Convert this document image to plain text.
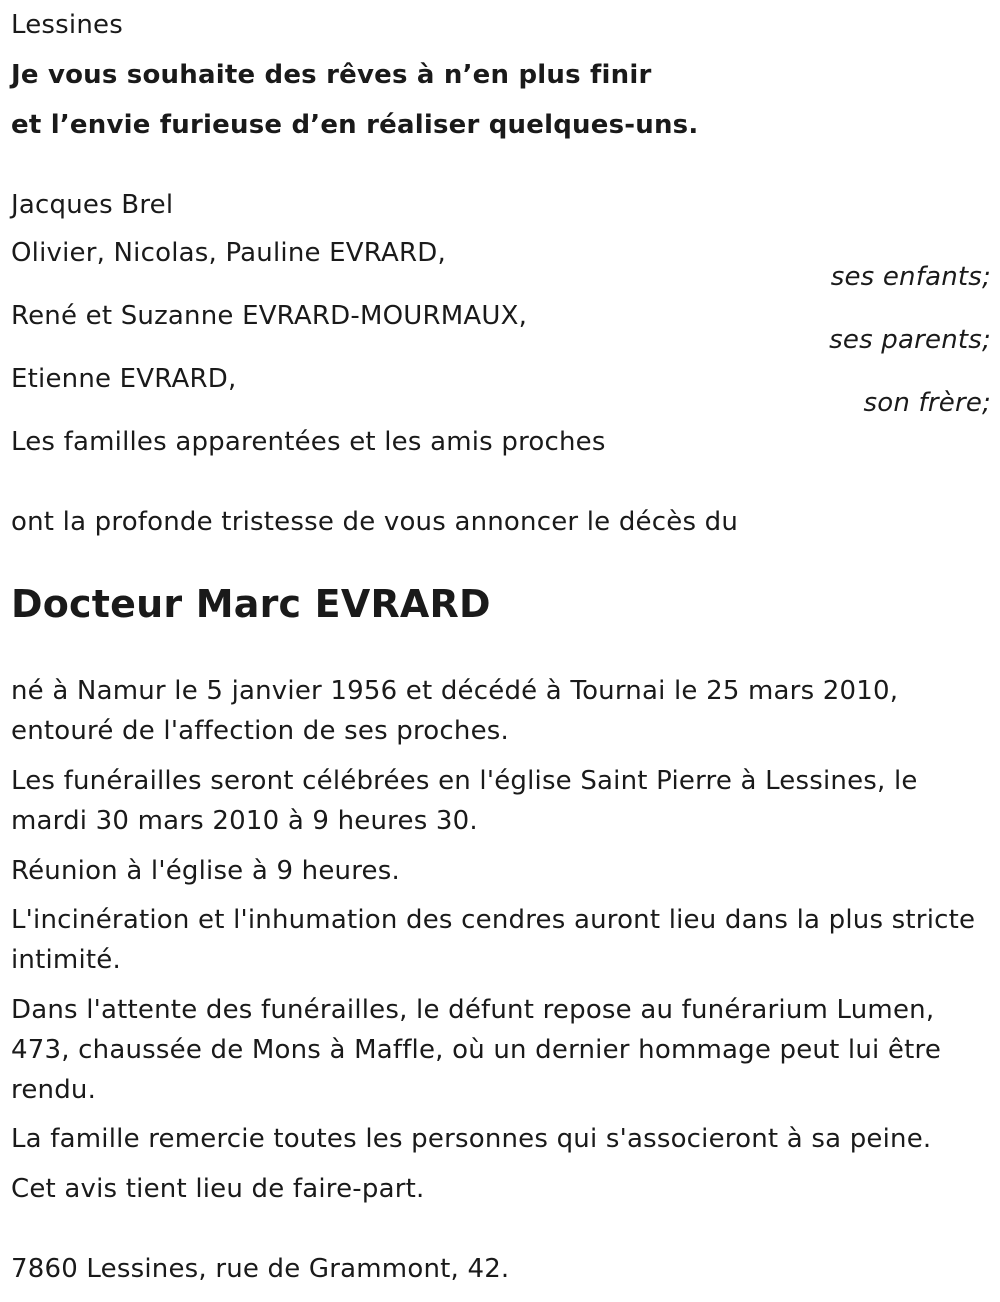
Lessines
Je vous souhaite des rêves à n’en plus finir
et l’envie furieuse d’en réaliser quelques-uns.
Jacques Brel
Olivier, Nicolas, Pauline EVRARD,
ses enfants;
René et Suzanne EVRARD-MOURMAUX,
ses parents;
Etienne EVRARD,
son frère;
Les familles apparentées et les amis proches
ont la profonde tristesse de vous annoncer le décès du
Docteur Marc EVRARD
né à Namur le 5 janvier 1956 et décédé à Tournai le 25 mars 2010, entouré de l'affection de ses proches.
Les funérailles seront célébrées en l'église Saint Pierre à Lessines, le mardi 30 mars 2010 à 9 heures 30.
Réunion à l'église à 9 heures.
L'incinération et l'inhumation des cendres auront lieu dans la plus stricte intimité.
Dans l'attente des funérailles, le défunt repose au funérarium Lumen, 473, chaussée de Mons à Maffle, où un dernier hommage peut lui être rendu.
La famille remercie toutes les personnes qui s'associeront à sa peine.
Cet avis tient lieu de faire-part.
7860 Lessines, rue de Grammont, 42.
